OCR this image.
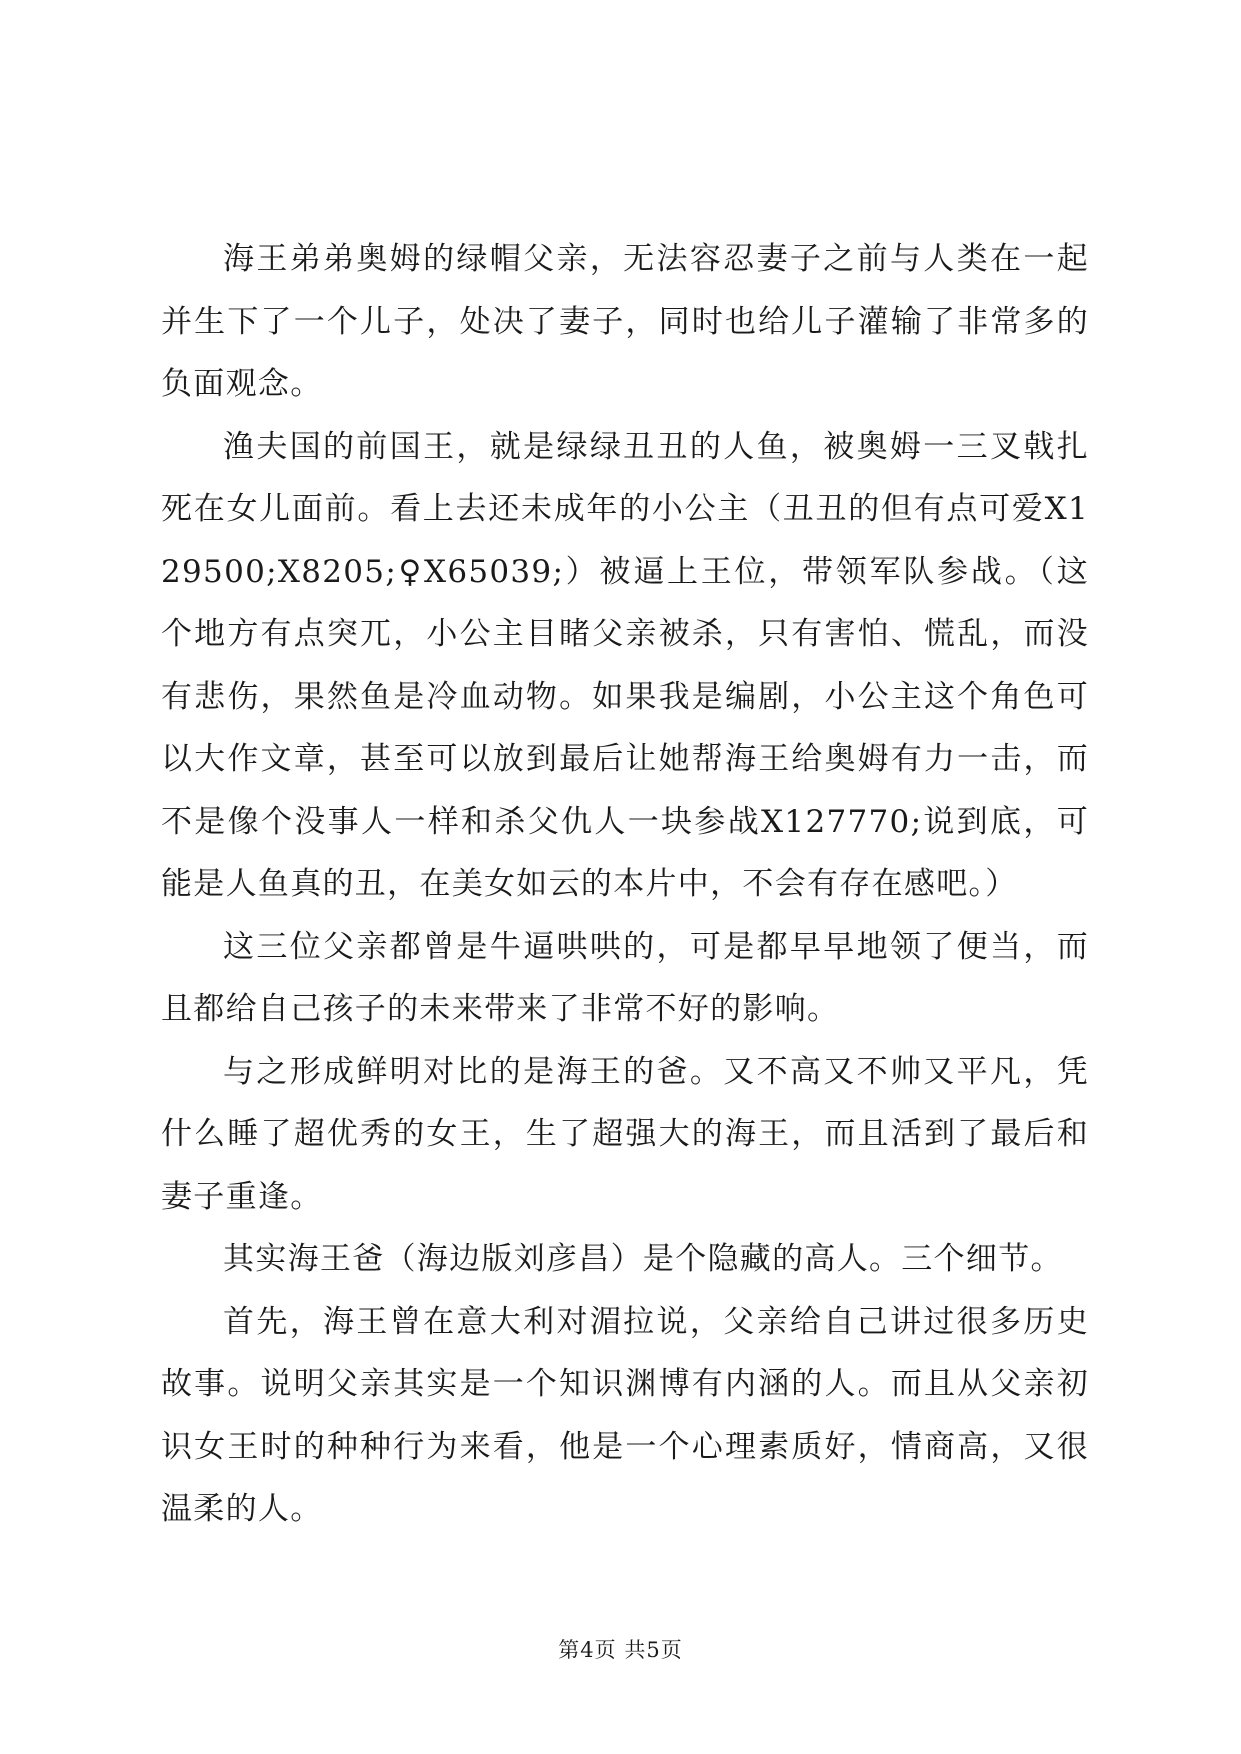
海王弟弟奥姆的绿帽父亲，无法容忍妻子之前与人类在一起并生下了一个儿子，处决了妻子，同时也给儿子灌输了非常多的负面观念。

渔夫国的前国王，就是绿绿丑丑的人鱼，被奥姆一三叉戟扎死在女儿面前。看上去还未成年的小公主（丑丑的但有点可爱X129500;X8205;♀X65039;）被逼上王位，带领军队参战。（这个地方有点突兀，小公主目睹父亲被杀，只有害怕、慌乱，而没有悲伤，果然鱼是冷血动物。如果我是编剧，小公主这个角色可以大作文章，甚至可以放到最后让她帮海王给奥姆有力一击，而不是像个没事人一样和杀父仇人一块参战X127770;说到底，可能是人鱼真的丑，在美女如云的本片中，不会有存在感吧。）

这三位父亲都曾是牛逼哄哄的，可是都早早地领了便当，而且都给自己孩子的未来带来了非常不好的影响。

与之形成鲜明对比的是海王的爸。又不高又不帅又平凡，凭什么睡了超优秀的女王，生了超强大的海王，而且活到了最后和妻子重逢。

其实海王爸（海边版刘彦昌）是个隐藏的高人。三个细节。

首先，海王曾在意大利对湄拉说，父亲给自己讲过很多历史故事。说明父亲其实是一个知识渊博有内涵的人。而且从父亲初识女王时的种种行为来看，他是一个心理素质好，情商高，又很温柔的人。

第4页 共5页
